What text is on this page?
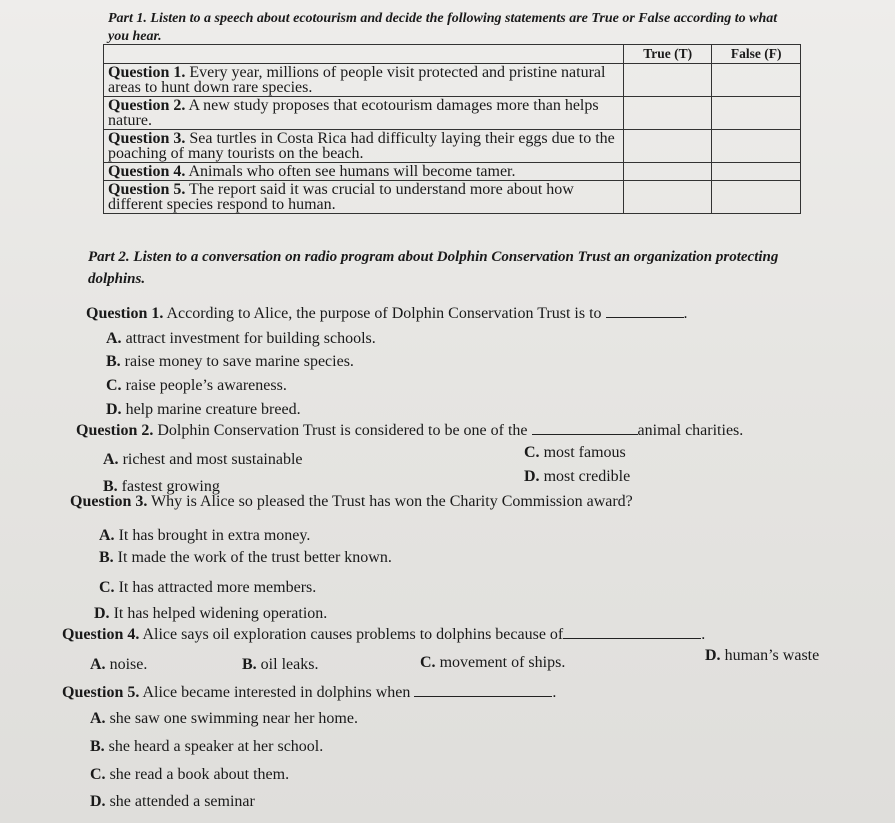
Part 1. Listen to a speech about ecotourism and decide the following statements are True or False according to what you hear.
	True (T)	False (F)
Question 1. Every year, millions of people visit protected and pristine natural areas to hunt down rare species.		
Question 2. A new study proposes that ecotourism damages more than helps nature.		
Question 3. Sea turtles in Costa Rica had difficulty laying their eggs due to the poaching of many tourists on the beach.		
Question 4. Animals who often see humans will become tamer.		
Question 5. The report said it was crucial to understand more about how different species respond to human.		
Part 2. Listen to a conversation on radio program about Dolphin Conservation Trust an organization protecting dolphins.
Question 1. According to Alice, the purpose of Dolphin Conservation Trust is to	.
A. attract investment for building schools.
B. raise money to save marine species.
C. raise people’s awareness.
D. help marine creature breed.
Question 2. Dolphin Conservation Trust is considered to be one of the	animal charities.
A. richest and most sustainable
B. fastest growing
C. most famous
D. most credible
Question 3. Why is Alice so pleased the Trust has won the Charity Commission award?
A. It has brought in extra money.
B. It made the work of the trust better known.
C. It has attracted more members.
D. It has helped widening operation.
Question 4. Alice says oil exploration causes problems to dolphins because of	.
A. noise.	B. oil leaks.	C. movement of ships.	D. human’s waste
Question 5. Alice became interested in dolphins when	.
A. she saw one swimming near her home.
B. she heard a speaker at her school.
C. she read a book about them.
D. she attended a seminar
